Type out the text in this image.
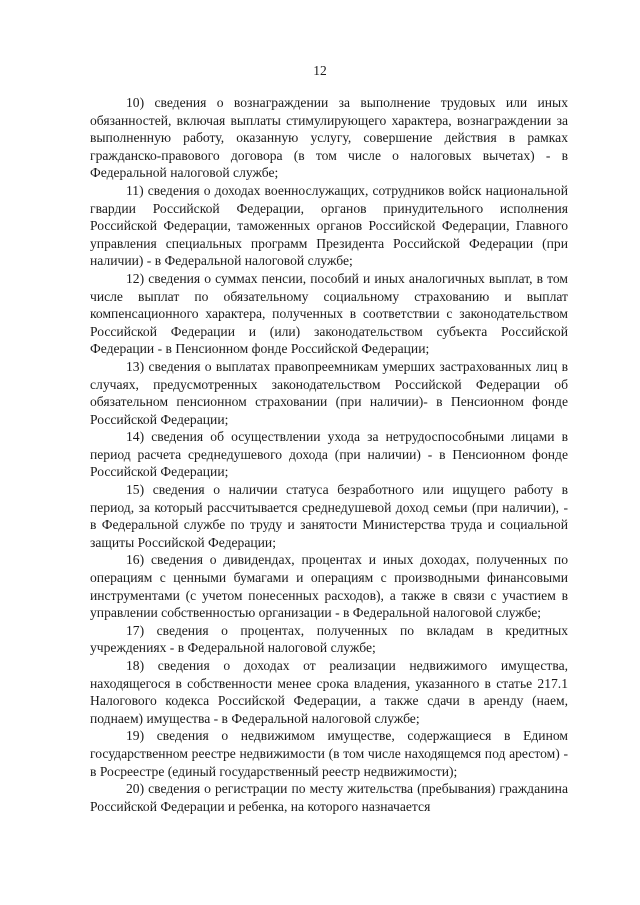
12

10) сведения о вознаграждении за выполнение трудовых или иных обязанностей, включая выплаты стимулирующего характера, вознаграждении за выполненную работу, оказанную услугу, совершение действия в рамках гражданско-правового договора (в том числе о налоговых вычетах) - в Федеральной налоговой службе;

11) сведения о доходах военнослужащих, сотрудников войск национальной гвардии Российской Федерации, органов принудительного исполнения Российской Федерации, таможенных органов Российской Федерации, Главного управления специальных программ Президента Российской Федерации (при наличии) - в Федеральной налоговой службе;

12) сведения о суммах пенсии, пособий и иных аналогичных выплат, в том числе выплат по обязательному социальному страхованию и выплат компенсационного характера, полученных в соответствии с законодательством Российской Федерации и (или) законодательством субъекта Российской Федерации - в Пенсионном фонде Российской Федерации;

13) сведения о выплатах правопреемникам умерших застрахованных лиц в случаях, предусмотренных законодательством Российской Федерации об обязательном пенсионном страховании (при наличии)- в Пенсионном фонде Российской Федерации;

14) сведения об осуществлении ухода за нетрудоспособными лицами в период расчета среднедушевого дохода (при наличии) - в Пенсионном фонде Российской Федерации;

15) сведения о наличии статуса безработного или ищущего работу в период, за который рассчитывается среднедушевой доход семьи (при наличии), - в Федеральной службе по труду и занятости Министерства труда и социальной защиты Российской Федерации;

16) сведения о дивидендах, процентах и иных доходах, полученных по операциям с ценными бумагами и операциям с производными финансовыми инструментами (с учетом понесенных расходов), а также в связи с участием в управлении собственностью организации - в Федеральной налоговой службе;

17) сведения о процентах, полученных по вкладам в кредитных учреждениях - в Федеральной налоговой службе;

18) сведения о доходах от реализации недвижимого имущества, находящегося в собственности менее срока владения, указанного в статье 217.1 Налогового кодекса Российской Федерации, а также сдачи в аренду (наем, поднаем) имущества - в Федеральной налоговой службе;

19) сведения о недвижимом имуществе, содержащиеся в Едином государственном реестре недвижимости (в том числе находящемся под арестом) - в Росреестре (единый государственный реестр недвижимости);

20) сведения о регистрации по месту жительства (пребывания) гражданина Российской Федерации и ребенка, на которого назначается
